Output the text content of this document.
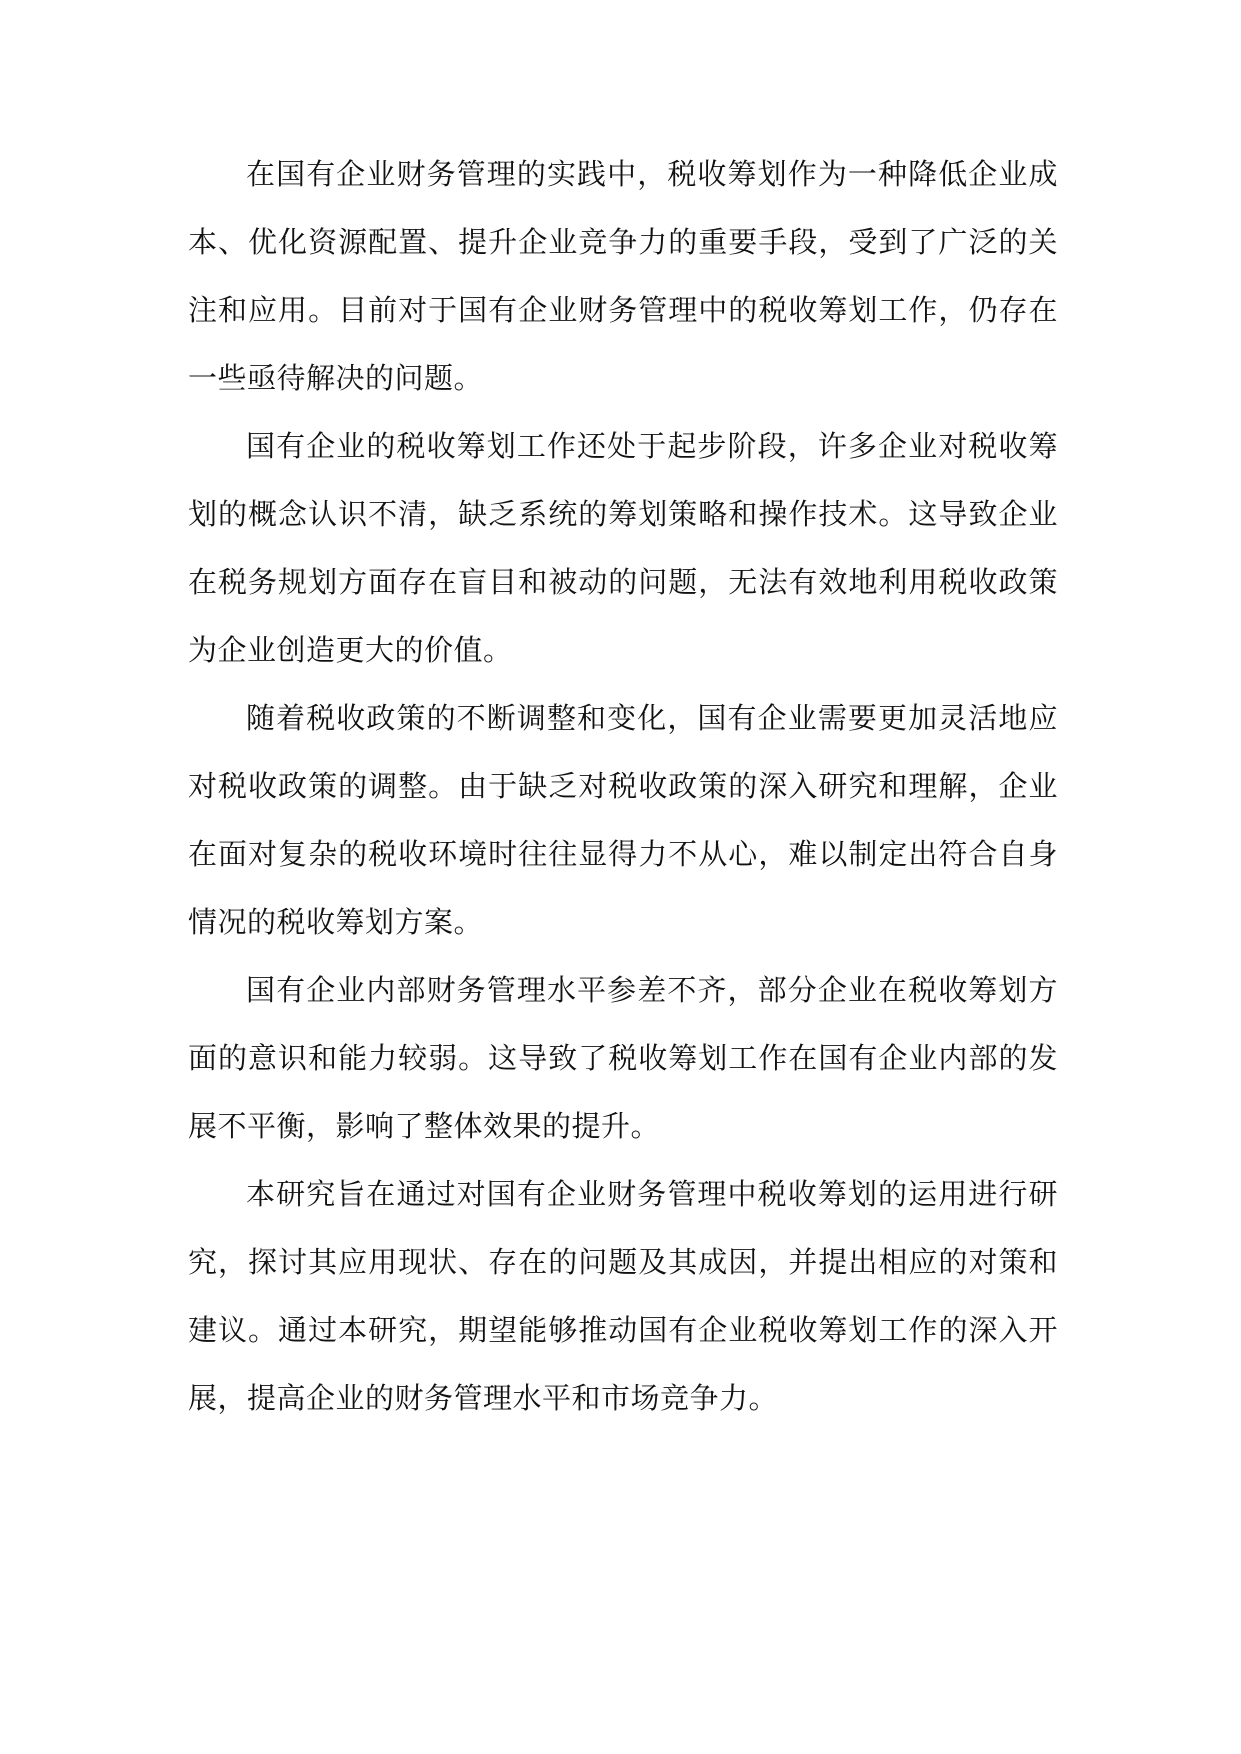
在国有企业财务管理的实践中，税收筹划作为一种降低企业成本、优化资源配置、提升企业竞争力的重要手段，受到了广泛的关注和应用。目前对于国有企业财务管理中的税收筹划工作，仍存在一些亟待解决的问题。

国有企业的税收筹划工作还处于起步阶段，许多企业对税收筹划的概念认识不清，缺乏系统的筹划策略和操作技术。这导致企业在税务规划方面存在盲目和被动的问题，无法有效地利用税收政策为企业创造更大的价值。

随着税收政策的不断调整和变化，国有企业需要更加灵活地应对税收政策的调整。由于缺乏对税收政策的深入研究和理解，企业在面对复杂的税收环境时往往显得力不从心，难以制定出符合自身情况的税收筹划方案。

国有企业内部财务管理水平参差不齐，部分企业在税收筹划方面的意识和能力较弱。这导致了税收筹划工作在国有企业内部的发展不平衡，影响了整体效果的提升。

本研究旨在通过对国有企业财务管理中税收筹划的运用进行研究，探讨其应用现状、存在的问题及其成因，并提出相应的对策和建议。通过本研究，期望能够推动国有企业税收筹划工作的深入开展，提高企业的财务管理水平和市场竞争力。
